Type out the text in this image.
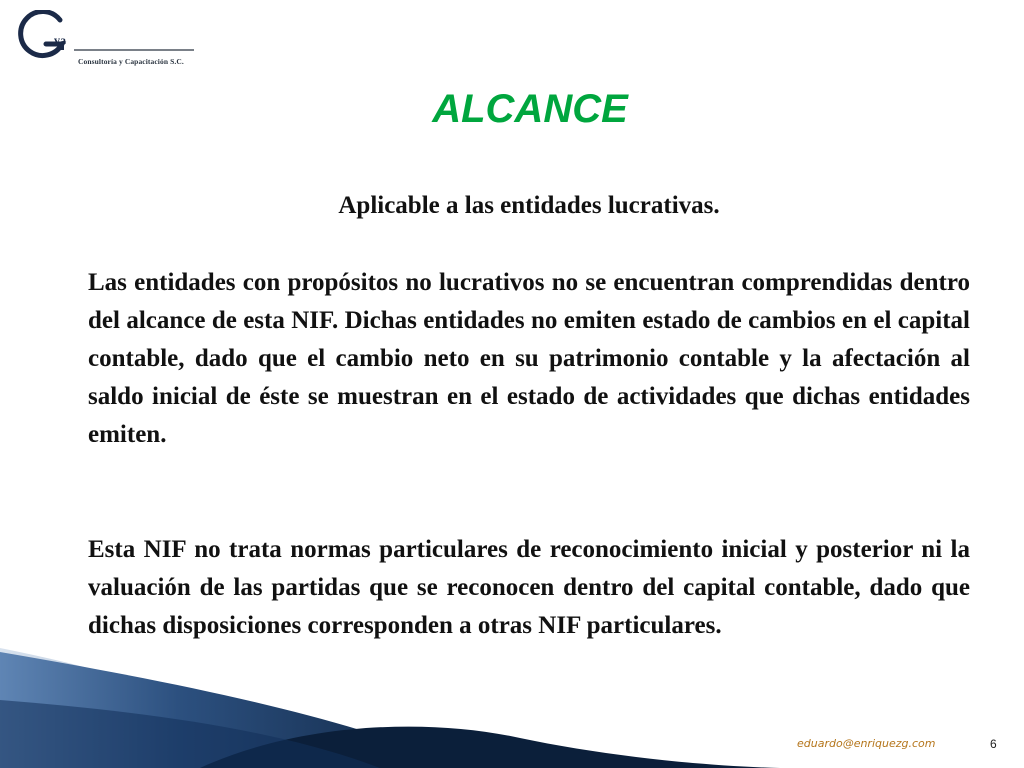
va
Consultoría y Capacitación S.C.
ALCANCE

Aplicable a las entidades lucrativas.

Las entidades con propósitos no lucrativos no se encuentran comprendidas dentro del alcance de esta NIF. Dichas entidades no emiten estado de cambios en el capital contable, dado que el cambio neto en su patrimonio contable y la afectación al saldo inicial de éste se muestran en el estado de actividades que dichas entidades emiten.

Esta NIF no trata normas particulares de reconocimiento inicial y posterior ni la valuación de las partidas que se reconocen dentro del capital contable, dado que dichas disposiciones corresponden a otras NIF particulares.

eduardo@enriquezg.com	6
